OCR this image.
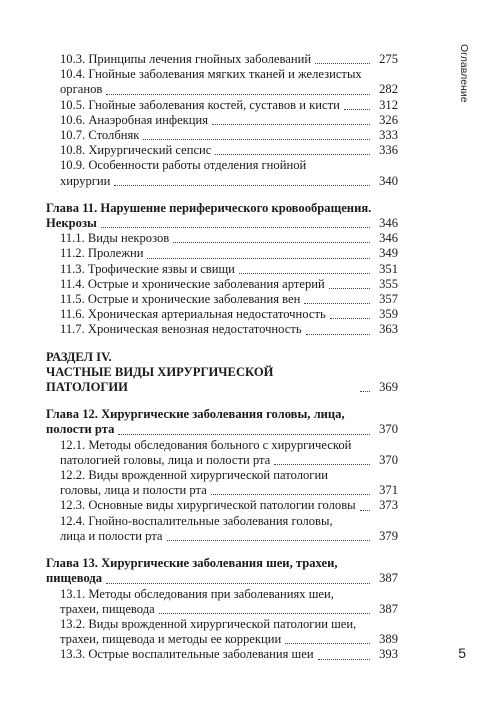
10.3. Принципы лечения гнойных заболеваний	275
10.4. Гнойные заболевания мягких тканей и железистых
органов	282
10.5. Гнойные заболевания костей, суставов и кисти	312
10.6. Анаэробная инфекция	326
10.7. Столбняк	333
10.8. Хирургический сепсис	336
10.9. Особенности работы отделения гнойной
хирургии	340
Глава 11. Нарушение периферического кровообращения.
Некрозы	346
11.1. Виды некрозов	346
11.2. Пролежни	349
11.3. Трофические язвы и свищи	351
11.4. Острые и хронические заболевания артерий	355
11.5. Острые и хронические заболевания вен	357
11.6. Хроническая артериальная недостаточность	359
11.7. Хроническая венозная недостаточность	363
РАЗДЕЛ IV.
ЧАСТНЫЕ ВИДЫ ХИРУРГИЧЕСКОЙ ПАТОЛОГИИ	369
Глава 12. Хирургические заболевания головы, лица,
полости рта	370
12.1. Методы обследования больного с хирургической
патологией головы, лица и полости рта	370
12.2. Виды врожденной хирургической патологии
головы, лица и полости рта	371
12.3. Основные виды хирургической патологии головы	373
12.4. Гнойно-воспалительные заболевания головы,
лица и полости рта	379
Глава 13. Хирургические заболевания шеи, трахеи,
пищевода	387
13.1. Методы обследования при заболеваниях шеи,
трахеи, пищевода	387
13.2. Виды врожденной хирургической патологии шеи,
трахеи, пищевода и методы ее коррекции	389
13.3. Острые воспалительные заболевания шеи	393
Оглавление
5
